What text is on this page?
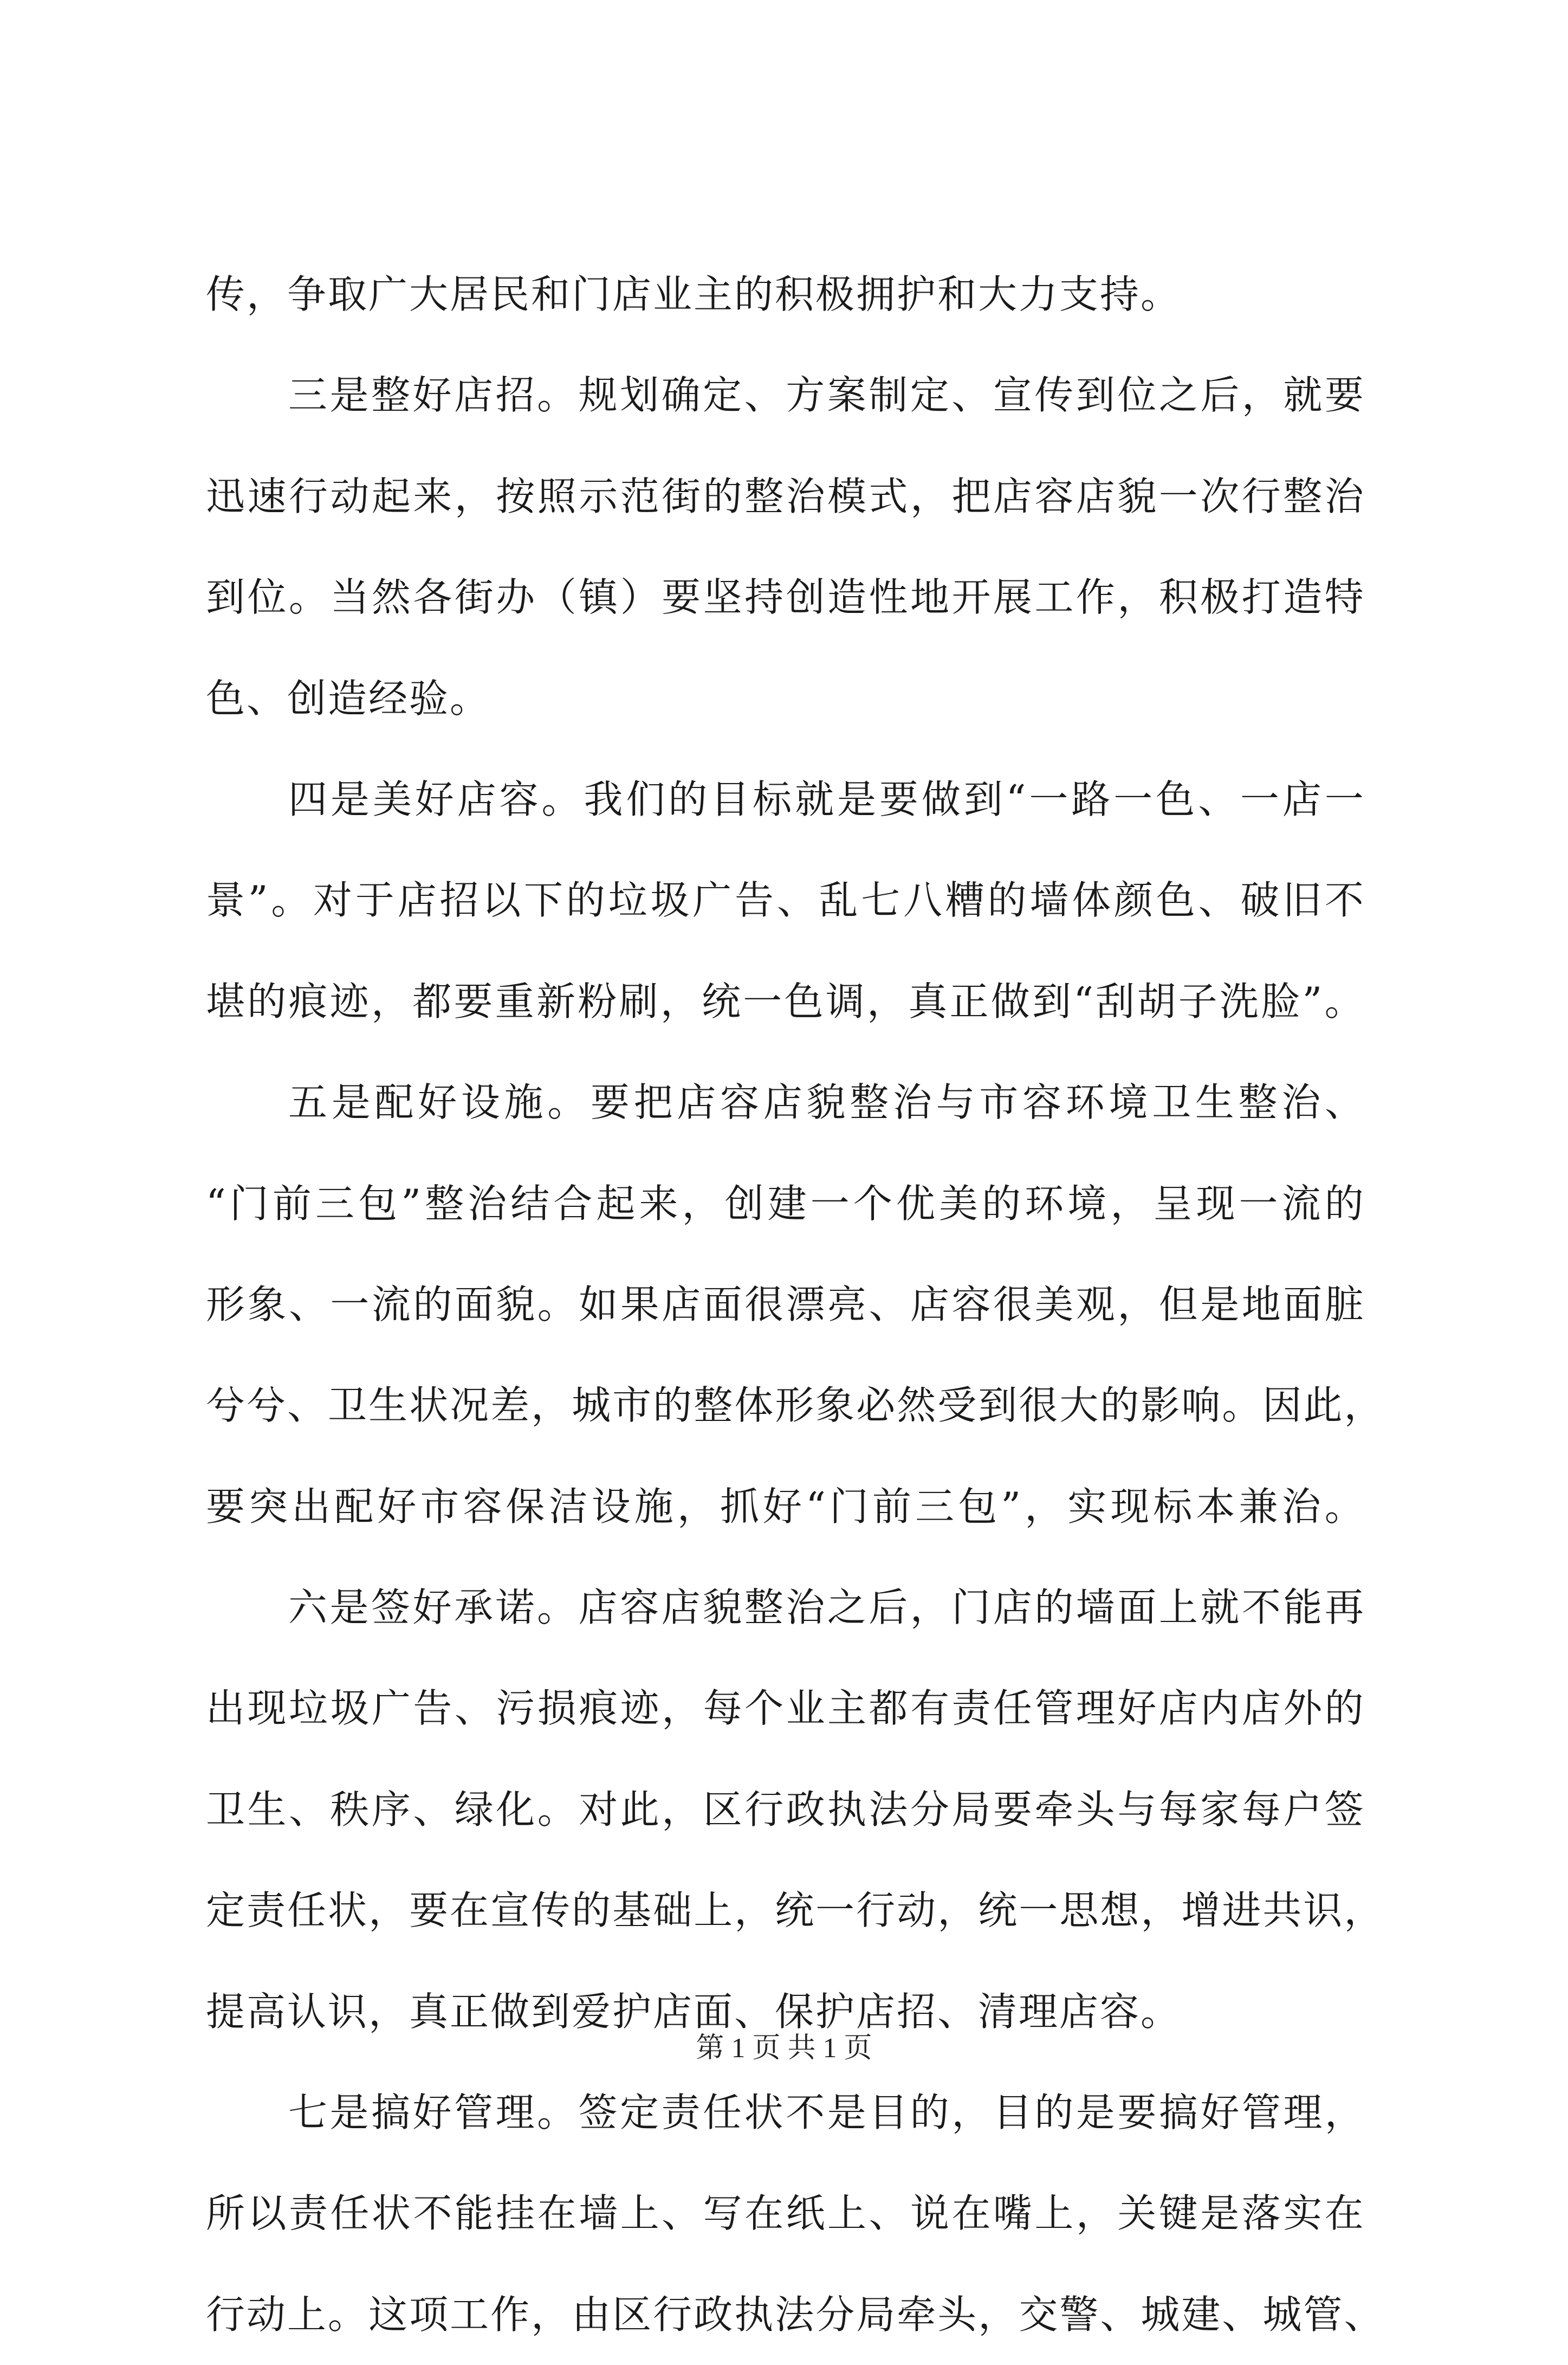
传，争取广大居民和门店业主的积极拥护和大力支持。
三 是 整 好 店 招 。 规 划 确 定 、 方 案 制 定 、 宣 传 到 位 之 后 ， 就 要
迅 速 行 动 起 来 ， 按 照 示 范 街 的 整 治 模 式 ， 把 店 容 店 貌 一 次 行 整 治
到 位 。 当 然 各 街 办 （ 镇 ） 要 坚 持 创 造 性 地 开 展 工 作 ， 积 极 打 造 特
色、创造经验。
四 是 美 好 店 容 。 我 们 的 目 标 就 是 要 做 到 “ 一 路 一 色 、 一 店 一
景 ” 。 对 于 店 招 以 下 的 垃 圾 广 告 、 乱 七 八 糟 的 墙 体 颜 色 、 破 旧 不
堪 的 痕 迹 ， 都 要 重 新 粉 刷 ， 统 一 色 调 ， 真 正 做 到 “ 刮 胡 子 洗 脸 ” 。
五 是 配 好 设 施 。 要 把 店 容 店 貌 整 治 与 市 容 环 境 卫 生 整 治 、
“ 门 前 三 包 ” 整 治 结 合 起 来 ， 创 建 一 个 优 美 的 环 境 ， 呈 现 一 流 的
形 象 、 一 流 的 面 貌 。 如 果 店 面 很 漂 亮 、 店 容 很 美 观 ， 但 是 地 面 脏
兮 兮 、 卫 生 状 况 差 ， 城 市 的 整 体 形 象 必 然 受 到 很 大 的 影 响 。 因 此 ，
要 突 出 配 好 市 容 保 洁 设 施 ， 抓 好 “ 门 前 三 包 ” ， 实 现 标 本 兼 治 。
六 是 签 好 承 诺 。 店 容 店 貌 整 治 之 后 ， 门 店 的 墙 面 上 就 不 能 再
出 现 垃 圾 广 告 、 污 损 痕 迹 ， 每 个 业 主 都 有 责 任 管 理 好 店 内 店 外 的
卫 生 、 秩 序 、 绿 化 。 对 此 ， 区 行 政 执 法 分 局 要 牵 头 与 每 家 每 户 签
定 责 任 状 ， 要 在 宣 传 的 基 础 上 ， 统 一 行 动 ， 统 一 思 想 ， 增 进 共 识 ，
提高认识，真正做到爱护店面、保护店招、清理店容。
七 是 搞 好 管 理 。 签 定 责 任 状 不 是 目 的 ， 目 的 是 要 搞 好 管 理 ，
所 以 责 任 状 不 能 挂 在 墙 上 、 写 在 纸 上 、 说 在 嘴 上 ， 关 键 是 落 实 在
行 动 上 。 这 项 工 作 ， 由 区 行 政 执 法 分 局 牵 头 ， 交 警 、 城 建 、 城 管 、
第 1 页 共 1 页
